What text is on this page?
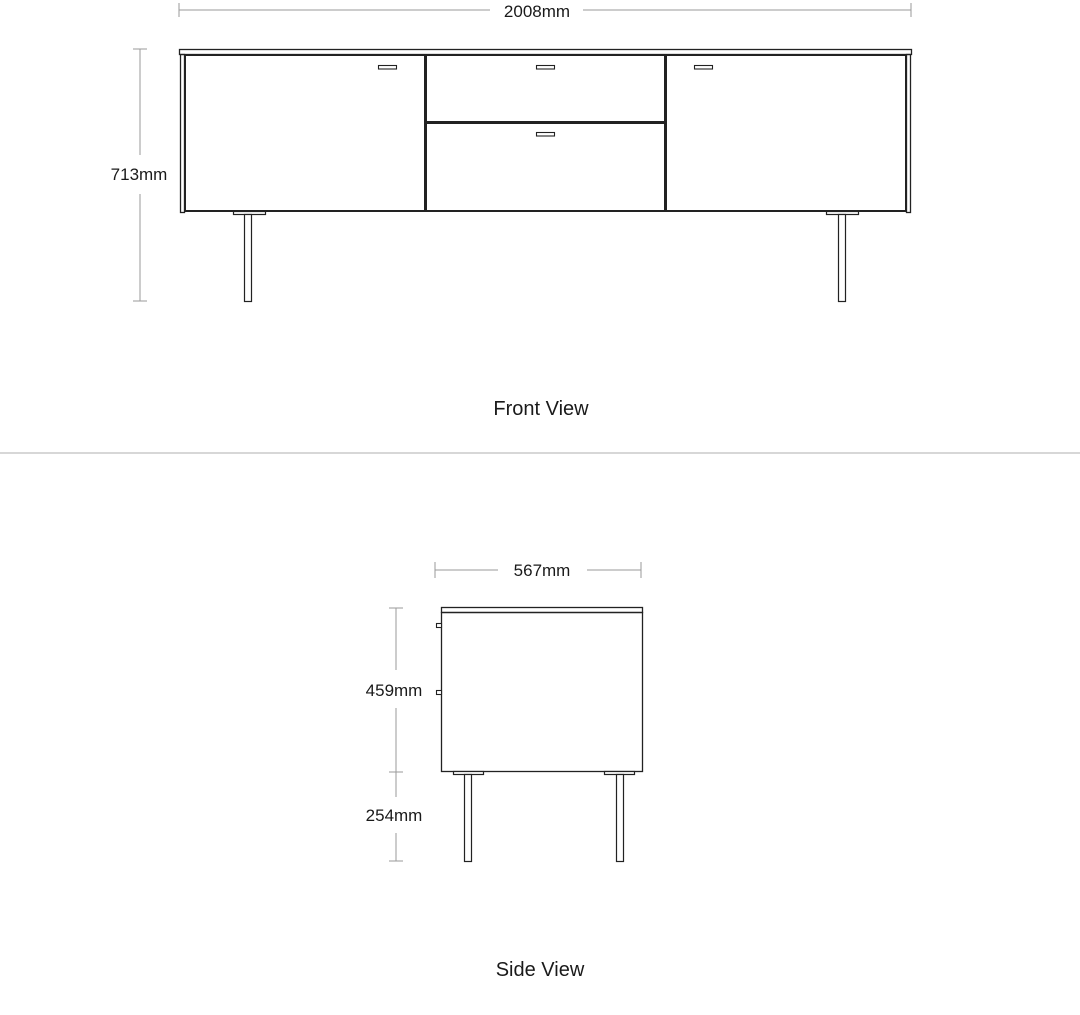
2008mm
713mm
Front View
567mm
459mm
254mm
Side View
